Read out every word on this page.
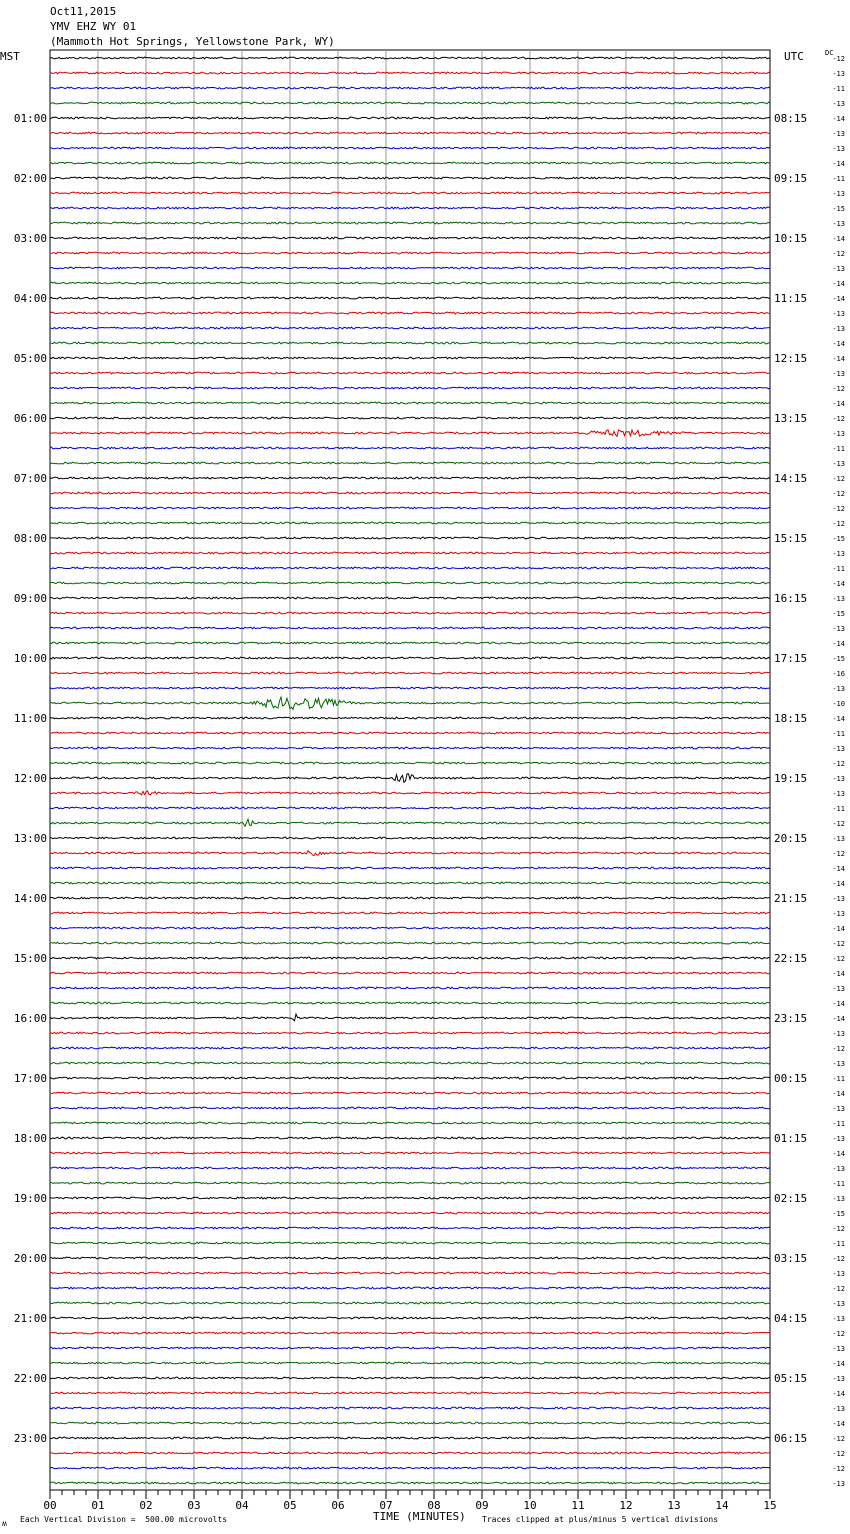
Oct11,2015
YMV EHZ WY 01
(Mammoth Hot Springs, Yellowstone Park, WY)
MST	UTC	DC
-12
-13
-11
-13
-14
-13
-13
-14
-11
-13
-15
-13
-14
-12
-13
-14
-14
-13
-13
-14
-14
-13
-12
-14
-12
-13
-11
-13
-12
-12
-12
-12
-15
-13
-11
-14
-13
-15
-13
-14
-15
-16
-13
-10
-14
-11
-13
-12
-13
-13
-11
-12
-13
-12
-14
-14
-13
-13
-14
-12
-12
-14
-13
-14
-14
-13
-12
-13
-11
-14
-13
-11
-13
-14
-13
-11
-13
-15
-12
-11
-12
-13
-12
-13
-13
-12
-13
-14
-13
-14
-13
-14
-12
-12
-12
-13
01:00	08:15
02:00	09:15
03:00	10:15
04:00	11:15
05:00	12:15
06:00	13:15
07:00	14:15
08:00	15:15
09:00	16:15
10:00	17:15
11:00	18:15
12:00	19:15
13:00	20:15
14:00	21:15
15:00	22:15
16:00	23:15
17:00	00:15
18:00	01:15
19:00	02:15
20:00	03:15
21:00	04:15
22:00	05:15
23:00	06:15
00	01	02	03	04	05	06	07	08	09	10	11	12	13	14	15
ʍ Each Vertical Division =  500.00 microvolts	TIME (MINUTES) Traces clipped at plus/minus 5 vertical divisions
